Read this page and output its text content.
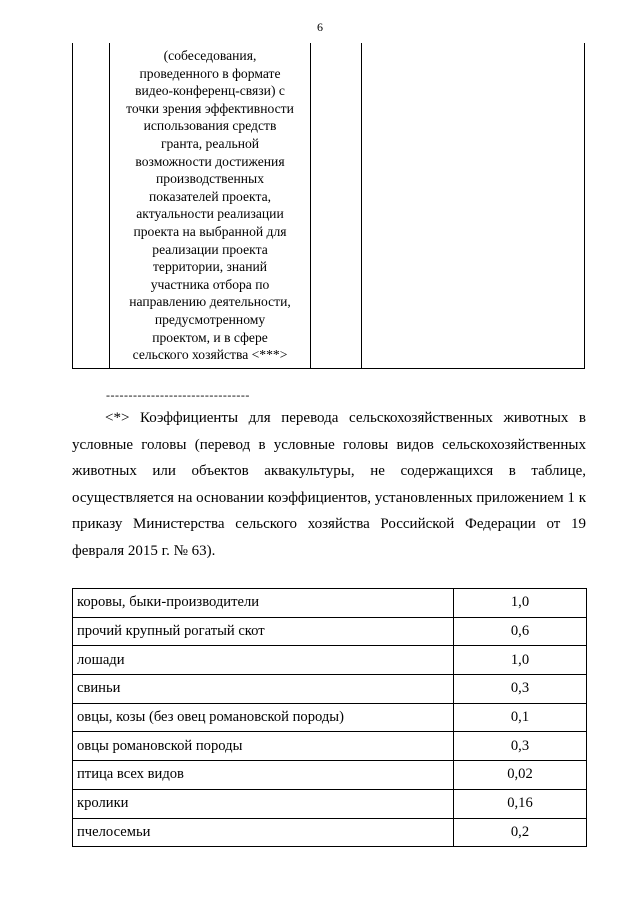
6

(собеседования,
проведенного в формате
видео-конференц-связи) с
точки зрения эффективности
использования средств
гранта, реальной
возможности достижения
производственных
показателей проекта,
актуальности реализации
проекта на выбранной для
реализации проекта
территории, знаний
участника отбора по
направлению деятельности,
предусмотренному
проектом, и в сфере
сельского хозяйства <***>

--------------------------------
<*> Коэффициенты для перевода сельскохозяйственных животных в условные головы (перевод в условные головы видов сельскохозяйственных животных или объектов аквакультуры, не содержащихся в таблице, осуществляется на основании коэффициентов, установленных приложением 1 к приказу Министерства сельского хозяйства Российской Федерации от 19 февраля 2015 г. № 63).
коровы, быки-производители	1,0
прочий крупный рогатый скот	0,6
лошади	1,0
свиньи	0,3
овцы, козы (без овец романовской породы)	0,1
овцы романовской породы	0,3
птица всех видов	0,02
кролики	0,16
пчелосемьи	0,2
